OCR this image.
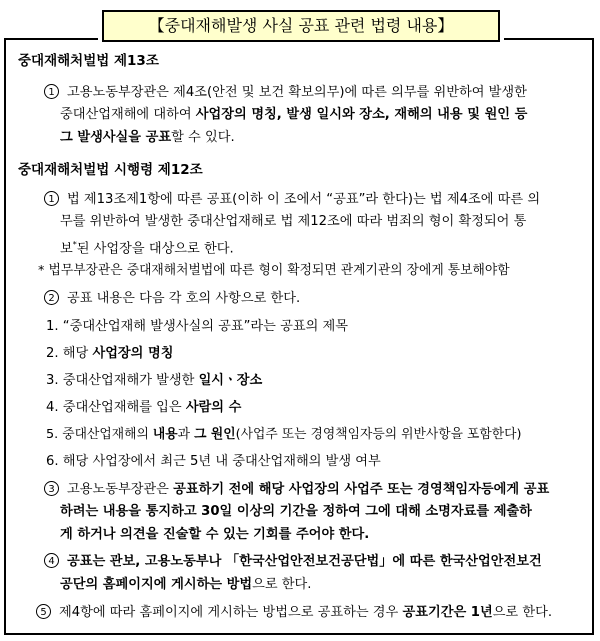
【중대재해발생 사실 공표 관련 법령 내용】
중대재해처벌법 제13조
1 고용노동부장관은 제4조(안전 및 보건 확보의무)에 따른 의무를 위반하여 발생한
중대산업재해에 대하여 사업장의 명칭, 발생 일시와 장소, 재해의 내용 및 원인 등
그 발생사실을 공표할 수 있다.
중대재해처벌법 시행령 제12조
1 법 제13조제1항에 따른 공표(이하 이 조에서 “공표”라 한다)는 법 제4조에 따른 의
무를 위반하여 발생한 중대산업재해로 법 제12조에 따라 범죄의 형이 확정되어 통
보*된 사업장을 대상으로 한다.
* 법무부장관은 중대재해처벌법에 따른 형이 확정되면 관계기관의 장에게 통보해야함
2 공표 내용은 다음 각 호의 사항으로 한다.
1. “중대산업재해 발생사실의 공표”라는 공표의 제목
2. 해당 사업장의 명칭
3. 중대산업재해가 발생한 일시ㆍ장소
4. 중대산업재해를 입은 사람의 수
5. 중대산업재해의 내용과 그 원인(사업주 또는 경영책임자등의 위반사항을 포함한다)
6. 해당 사업장에서 최근 5년 내 중대산업재해의 발생 여부
3 고용노동부장관은 공표하기 전에 해당 사업장의 사업주 또는 경영책임자등에게 공표
하려는 내용을 통지하고 30일 이상의 기간을 정하여 그에 대해 소명자료를 제출하
게 하거나 의견을 진술할 수 있는 기회를 주어야 한다.
4 공표는 관보, 고용노동부나 「한국산업안전보건공단법」에 따른 한국산업안전보건
공단의 홈페이지에 게시하는 방법으로 한다.
5 제4항에 따라 홈페이지에 게시하는 방법으로 공표하는 경우 공표기간은 1년으로 한다.
